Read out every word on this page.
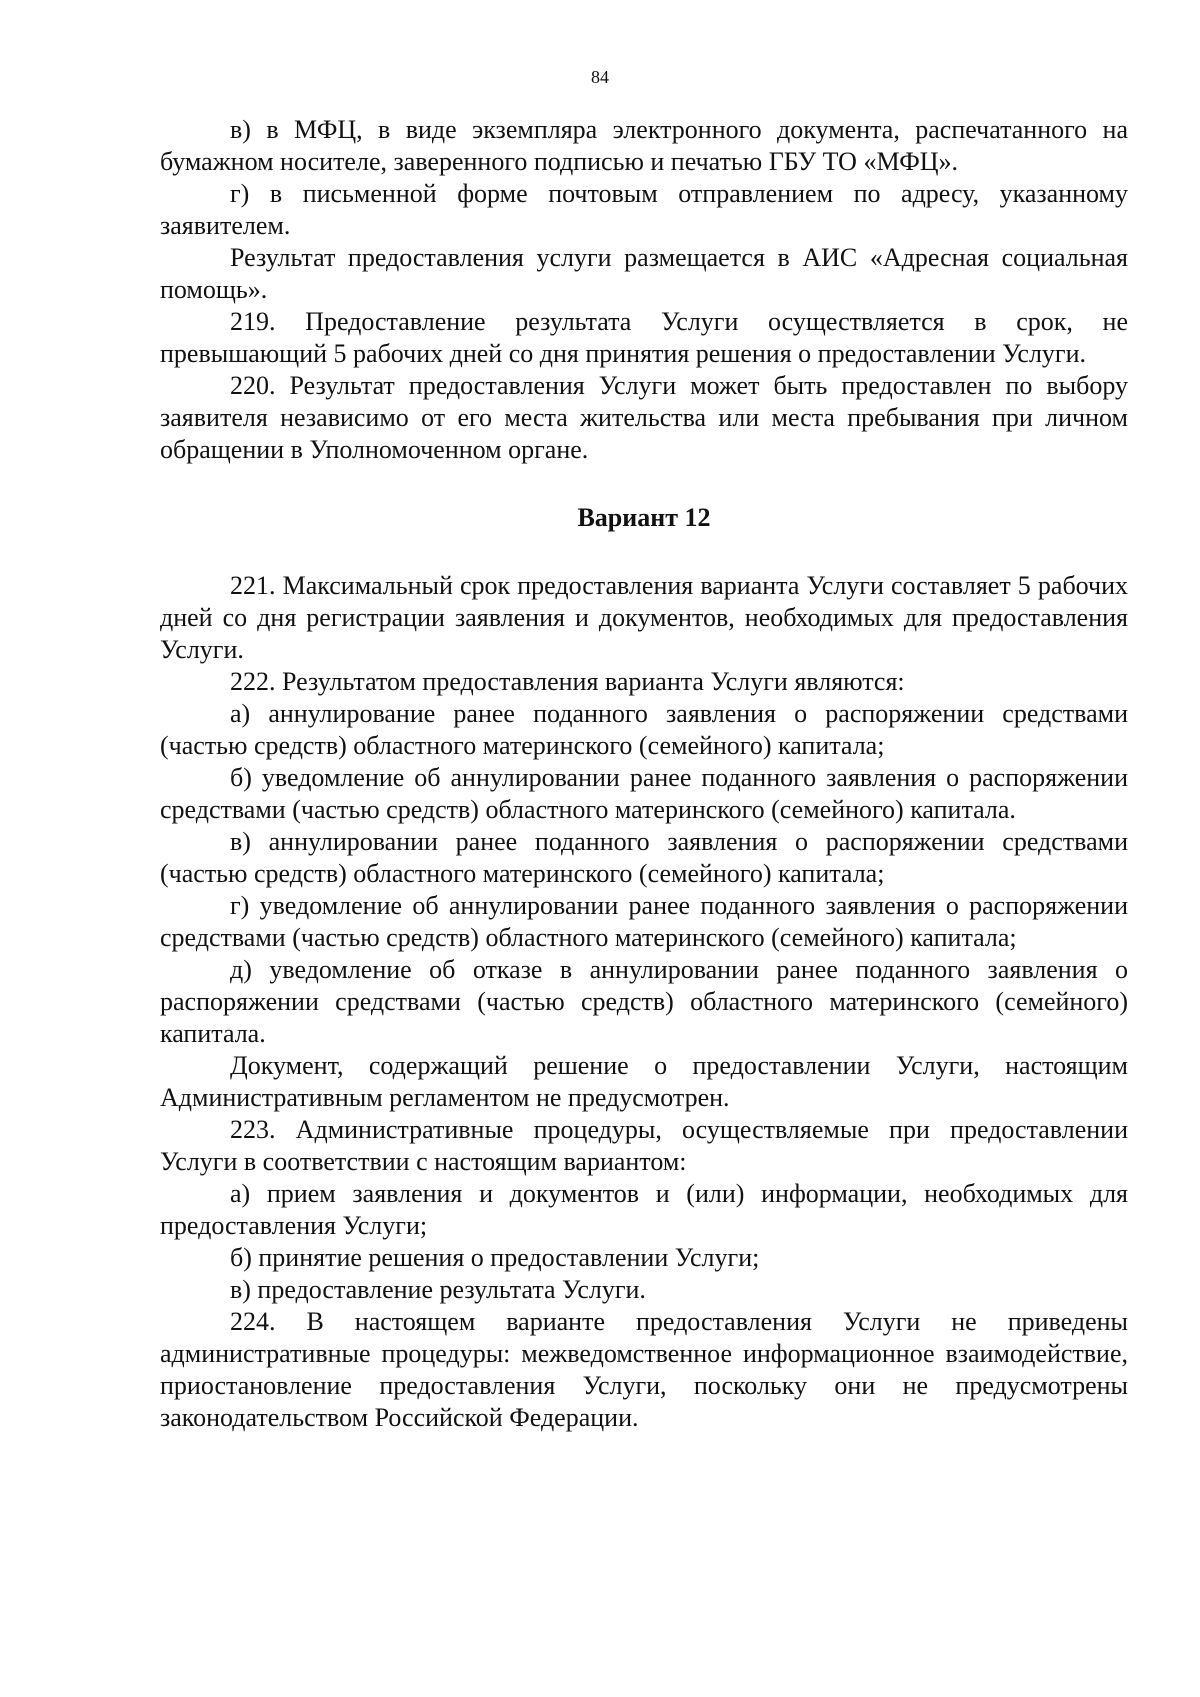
84

в) в МФЦ, в виде экземпляра электронного документа, распечатанного на бумажном носителе, заверенного подписью и печатью ГБУ ТО «МФЦ».

г) в письменной форме почтовым отправлением по адресу, указанному заявителем.

Результат предоставления услуги размещается в АИС «Адресная социальная помощь».

219. Предоставление результата Услуги осуществляется в срок, не превышающий 5 рабочих дней со дня принятия решения о предоставлении Услуги.

220. Результат предоставления Услуги может быть предоставлен по выбору заявителя независимо от его места жительства или места пребывания при личном обращении в Уполномоченном органе.

Вариант 12

221. Максимальный срок предоставления варианта Услуги составляет 5 рабочих дней со дня регистрации заявления и документов, необходимых для предоставления Услуги.

222. Результатом предоставления варианта Услуги являются:

а) аннулирование ранее поданного заявления о распоряжении средствами (частью средств) областного материнского (семейного) капитала;

б) уведомление об аннулировании ранее поданного заявления о распоряжении средствами (частью средств) областного материнского (семейного) капитала.

в) аннулировании ранее поданного заявления о распоряжении средствами (частью средств) областного материнского (семейного) капитала;

г) уведомление об аннулировании ранее поданного заявления о распоряжении средствами (частью средств) областного материнского (семейного) капитала;

д) уведомление об отказе в аннулировании ранее поданного заявления о распоряжении средствами (частью средств) областного материнского (семейного) капитала.

Документ, содержащий решение о предоставлении Услуги, настоящим Административным регламентом не предусмотрен.

223. Административные процедуры, осуществляемые при предоставлении Услуги в соответствии с настоящим вариантом:

а) прием заявления и документов и (или) информации, необходимых для предоставления Услуги;

б) принятие решения о предоставлении Услуги;

в) предоставление результата Услуги.

224. В настоящем варианте предоставления Услуги не приведены административные процедуры: межведомственное информационное взаимодействие, приостановление предоставления Услуги, поскольку они не предусмотрены законодательством Российской Федерации.
